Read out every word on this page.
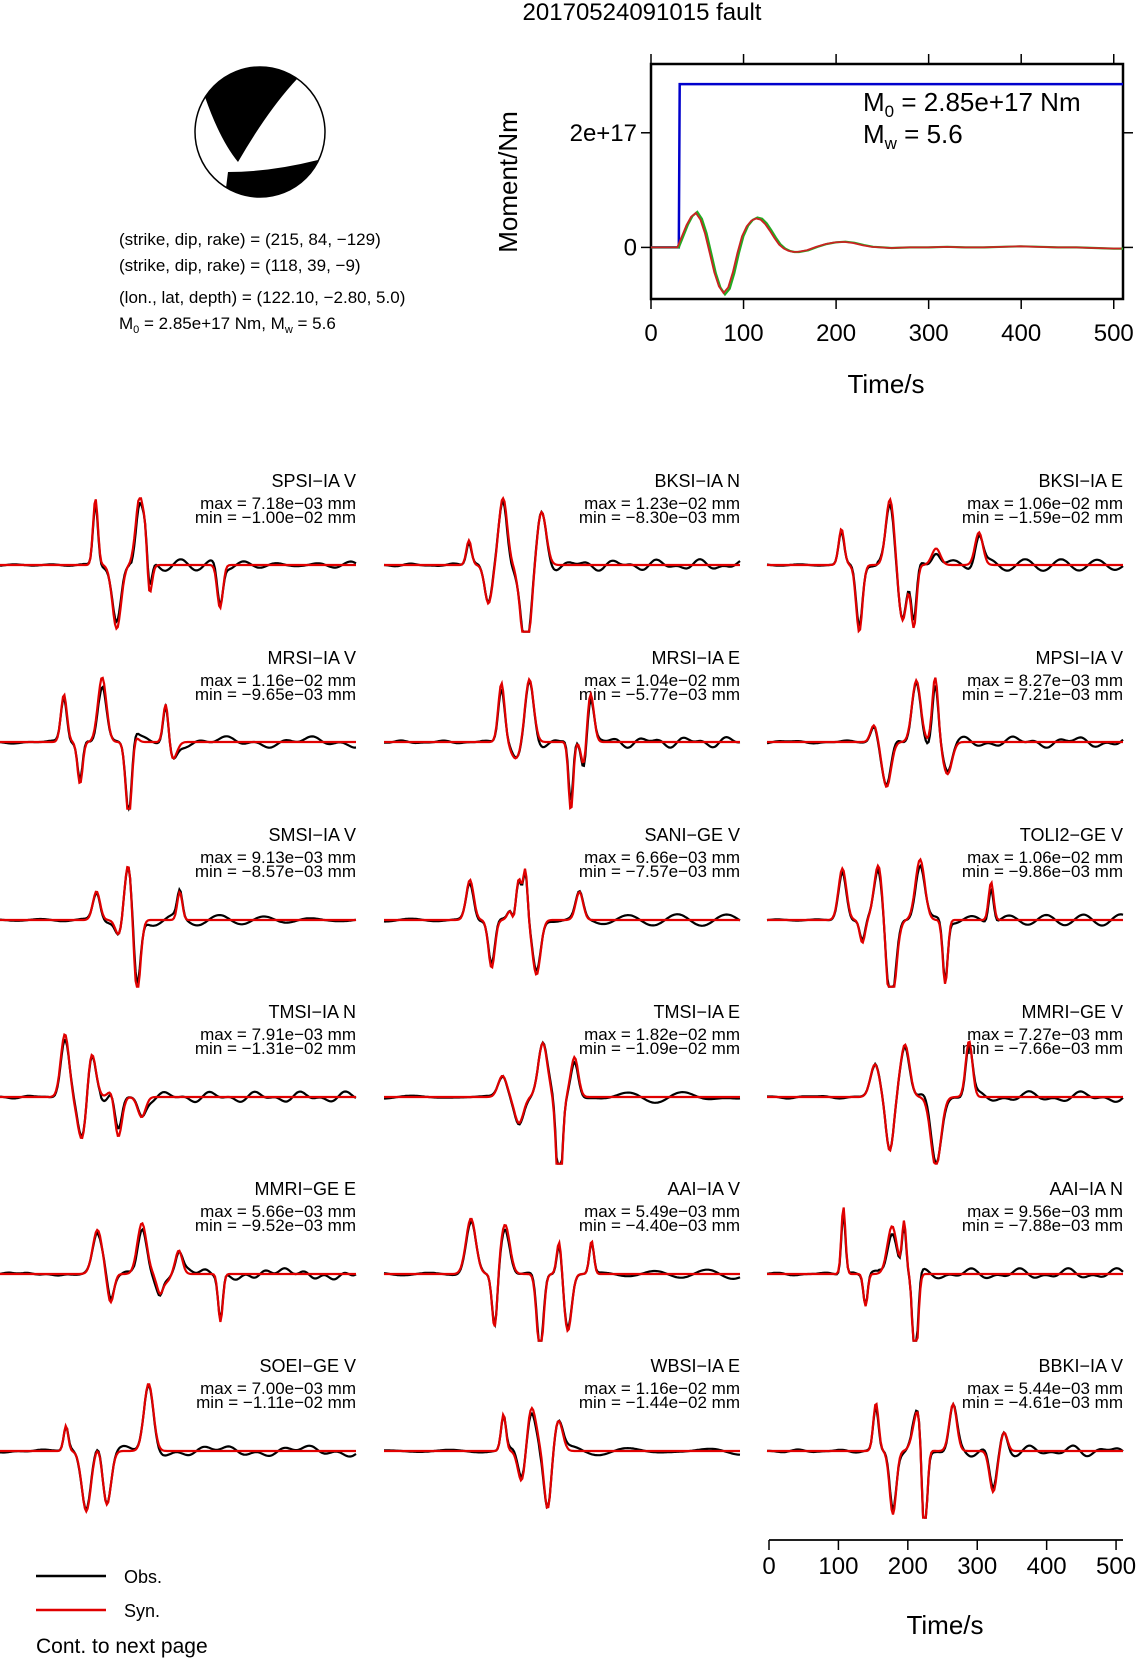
20170524091015 fault
(strike, dip, rake) = (215, 84, −129)
(strike, dip, rake) = (118, 39, −9)
(lon., lat, depth) = (122.10, −2.80, 5.0)
$M_0 = 2.85e+17$ Nm, $M_w = 5.6$	0	100 200 300 400 500
0
2e+17
$M_0 = 2.85e+17$ Nm
$M_w = 5.6$
Time/s
Moment/Nm
SPSI−IA V
max = 7.18e−03 mm
min = −1.00e−02 mm
BKSI−IA N
max = 1.23e−02 mm
min = −8.30e−03 mm
BKSI−IA E
max = 1.06e−02 mm
min = −1.59e−02 mm
MRSI−IA V
max = 1.16e−02 mm
min = −9.65e−03 mm
MRSI−IA E
max = 1.04e−02 mm
min = −5.77e−03 mm
MPSI−IA V
max = 8.27e−03 mm
min = −7.21e−03 mm
SMSI−IA V
max = 9.13e−03 mm
min = −8.57e−03 mm
SANI−GE V
max = 6.66e−03 mm
min = −7.57e−03 mm
TOLI2−GE V
max = 1.06e−02 mm
min = −9.86e−03 mm
TMSI−IA N
max = 7.91e−03 mm
min = −1.31e−02 mm
TMSI−IA E
max = 1.82e−02 mm
min = −1.09e−02 mm
MMRI−GE V
max = 7.27e−03 mm
min = −7.66e−03 mm
MMRI−GE E
max = 5.66e−03 mm
min = −9.52e−03 mm
AAI−IA V
max = 5.49e−03 mm
min = −4.40e−03 mm
AAI−IA N
max = 9.56e−03 mm
min = −7.88e−03 mm
SOEI−GE V
max = 7.00e−03 mm
min = −1.11e−02 mm
WBSI−IA E
max = 1.16e−02 mm
min = −1.44e−02 mm
BBKI−IA V
max = 5.44e−03 mm
min = −4.61e−03 mm
0 100 200 300 400 500
Time/s
Obs.
Syn.
Cont. to next page
